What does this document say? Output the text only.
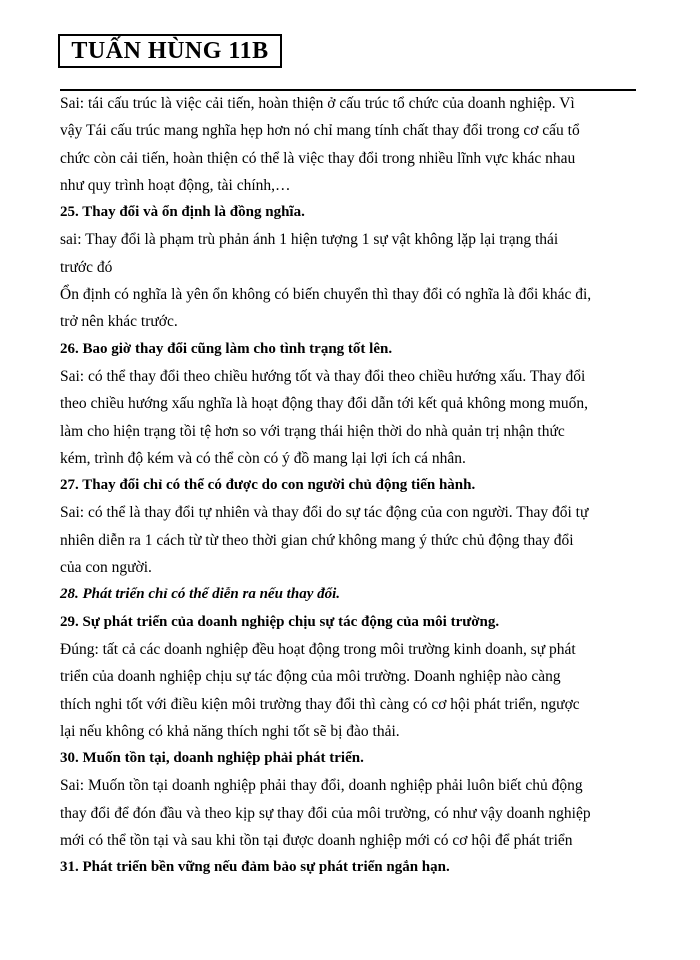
TUẤN HÙNG 11B
Sai: tái cấu trúc là việc cải tiến, hoàn thiện ở cấu trúc tổ chức của doanh nghiệp. Vì
vậy Tái cấu trúc mang nghĩa hẹp hơn nó chỉ mang tính chất thay đổi trong cơ cấu tổ
chức còn cải tiến, hoàn thiện có thể là việc thay đổi trong nhiều lĩnh vực khác nhau
như quy trình hoạt động, tài chính,…
25. Thay đổi và ổn định là đồng nghĩa.
sai: Thay đổi là phạm trù phản ánh 1 hiện tượng 1 sự vật không lặp lại trạng thái
trước đó
Ổn định có nghĩa là yên ổn không có biến chuyển thì thay đổi có nghĩa là đổi khác đi,
trở nên khác trước.
26. Bao giờ thay đổi cũng làm cho tình trạng tốt lên.
Sai: có thể thay đổi theo chiều hướng tốt và thay đổi theo chiều hướng xấu. Thay đổi
theo chiều hướng xấu nghĩa là hoạt động thay đổi dẫn tới kết quả không mong muốn,
làm cho hiện trạng tồi tệ hơn so với trạng thái hiện thời do nhà quản trị nhận thức
kém, trình độ kém và có thể còn có ý đồ mang lại lợi ích cá nhân.
27. Thay đổi chỉ có thể có được do con người chủ động tiến hành.
Sai: có thể là thay đổi tự nhiên và thay đổi do sự tác động của con người. Thay đổi tự
nhiên diễn ra 1 cách từ từ theo thời gian chứ không mang ý thức chủ động thay đổi
của con người.
28. Phát triển chỉ có thể diễn ra nếu thay đổi.
29. Sự phát triển của doanh nghiệp chịu sự tác động của môi trường.
Đúng: tất cả các doanh nghiệp đều hoạt động trong môi trường kinh doanh, sự phát
triển của doanh nghiệp chịu sự tác động của môi trường. Doanh nghiệp nào càng
thích nghi tốt với điều kiện môi trường thay đổi thì càng có cơ hội phát triển, ngược
lại nếu không có khả năng thích nghi tốt sẽ bị đào thải.
30. Muốn tồn tại, doanh nghiệp phải phát triển.
Sai: Muốn tồn tại doanh nghiệp phải thay đổi, doanh nghiệp phải luôn biết chủ động
thay đổi để đón đầu và theo kịp sự thay đổi của môi trường, có như vậy doanh nghiệp
mới có thể tồn tại và sau khi tồn tại được doanh nghiệp mới có cơ hội để phát triển
31. Phát triển bền vững nếu đảm bảo sự phát triển ngắn hạn.
